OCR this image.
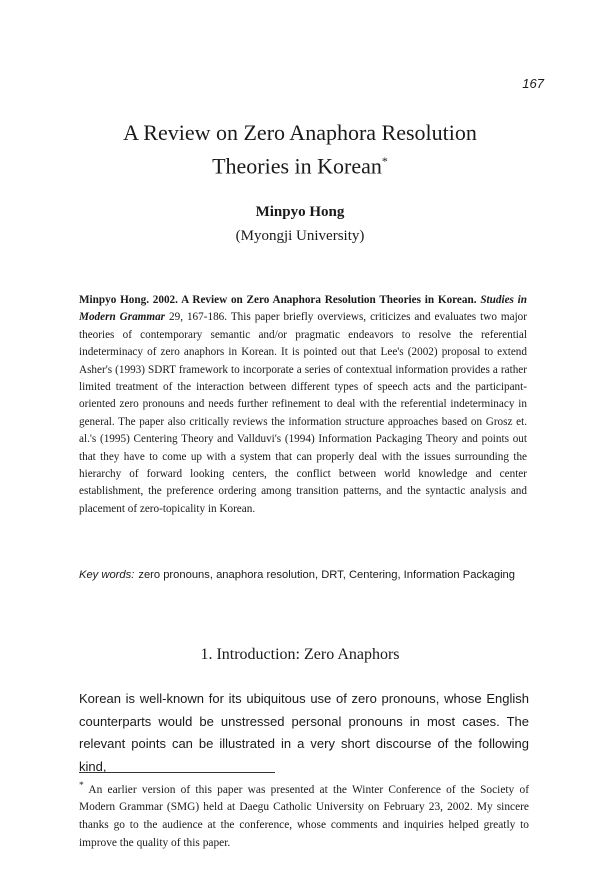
167

A Review on Zero Anaphora Resolution
Theories in Korean*

Minpyo Hong

(Myongji University)

Minpyo Hong. 2002. A Review on Zero Anaphora Resolution Theories in Korean. Studies in Modern Grammar 29, 167-186. This paper briefly overviews, criticizes and evaluates two major theories of contemporary semantic and/or pragmatic endeavors to resolve the referential indeterminacy of zero anaphors in Korean. It is pointed out that Lee's (2002) proposal to extend Asher's (1993) SDRT framework to incorporate a series of contextual information provides a rather limited treatment of the interaction between different types of speech acts and the participant-oriented zero pronouns and needs further refinement to deal with the referential indeterminacy in general. The paper also critically reviews the information structure approaches based on Grosz et. al.'s (1995) Centering Theory and Vallduvi's (1994) Information Packaging Theory and points out that they have to come up with a system that can properly deal with the issues surrounding the hierarchy of forward looking centers, the conflict between world knowledge and center establishment, the preference ordering among transition patterns, and the syntactic analysis and placement of zero-topicality in Korean.

Key words: zero pronouns, anaphora resolution, DRT, Centering, Information Packaging
1. Introduction: Zero Anaphors

Korean is well-known for its ubiquitous use of zero pronouns, whose English counterparts would be unstressed personal pronouns in most cases. The relevant points can be illustrated in a very short discourse of the following kind,

* An earlier version of this paper was presented at the Winter Conference of the Society of Modern Grammar (SMG) held at Daegu Catholic University on February 23, 2002. My sincere thanks go to the audience at the conference, whose comments and inquiries helped greatly to improve the quality of this paper.
